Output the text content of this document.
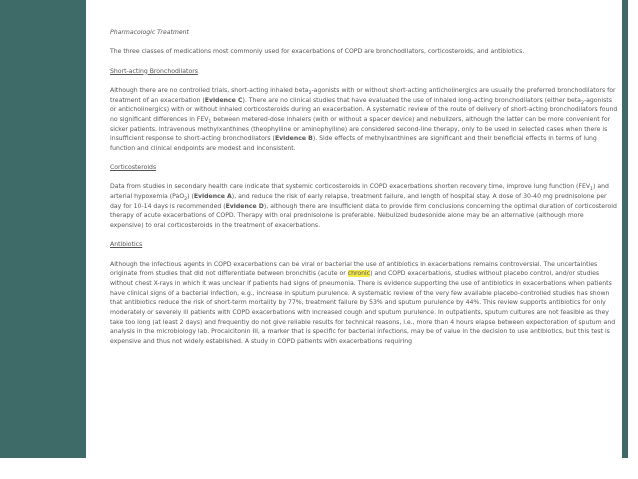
Pharmacologic Treatment

The three classes of medications most commonly used for exacerbations of COPD are bronchodilators, corticosteroids, and antibiotics.

Short-acting Bronchodilators

Although there are no controlled trials, short-acting inhaled beta$_2$-agonists with or without short-acting anticholinergics are usually the preferred bronchodilators for treatment of an exacerbation (Evidence C). There are no clinical studies that have evaluated the use of inhaled long-acting bronchodilators (either beta$_2$-agonists or anticholinergics) with or without inhaled corticosteroids during an exacerbation. A systematic review of the route of delivery of short-acting bronchodilators found no significant differences in $FEV_1$ between metered-dose inhalers (with or without a spacer device) and nebulizers, although the latter can be more convenient for sicker patients. Intravenous methylxanthines (theophylline or aminophylline) are considered second-line therapy, only to be used in selected cases when there is insufficient response to short-acting bronchodilators (Evidence B). Side effects of methylxanthines are significant and their beneficial effects in terms of lung function and clinical endpoints are modest and inconsistent.

Corticosteroids

Data from studies in secondary health care indicate that systemic corticosteroids in COPD exacerbations shorten recovery time, improve lung function $(FEV_1)$ and arterial hypoxemia (PaO$_2$) (Evidence A), and reduce the risk of early relapse, treatment failure, and length of hospital stay. A dose of 30-40 mg prednisolone per day for 10-14 days is recommended (Evidence D), although there are insufficient data to provide firm conclusions concerning the optimal duration of corticosteroid therapy of acute exacerbations of COPD. Therapy with oral prednisolone is preferable. Nebulized budesonide alone may be an alternative (although more expensive) to oral corticosteroids in the treatment of exacerbations.

Antibiotics

Although the infectious agents in COPD exacerbations can be viral or bacterial the use of antibiotics in exacerbations remains controversial. The uncertainties originate from studies that did not differentiate between bronchitis (acute or chronic) and COPD exacerbations, studies without placebo control, and/or studies without chest X-rays in which it was unclear if patients had signs of pneumonia. There is evidence supporting the use of antibiotics in exacerbations when patients have clinical signs of a bacterial infection, e.g., increase in sputum purulence. A systematic review of the very few available placebo-controlled studies has shown that antibiotics reduce the risk of short-term mortality by 77%, treatment failure by 53% and sputum purulence by 44%. This review supports antibiotics for only moderately or severely ill patients with COPD exacerbations with increased cough and sputum purulence. In outpatients, sputum cultures are not feasible as they take too long (at least 2 days) and frequently do not give reliable results for technical reasons, i.e., more than 4 hours elapse between expectoration of sputum and analysis in the microbiology lab. Procalcitonin III, a marker that is specific for bacterial infections, may be of value in the decision to use antibiotics, but this test is expensive and thus not widely established. A study in COPD patients with exacerbations requiring
